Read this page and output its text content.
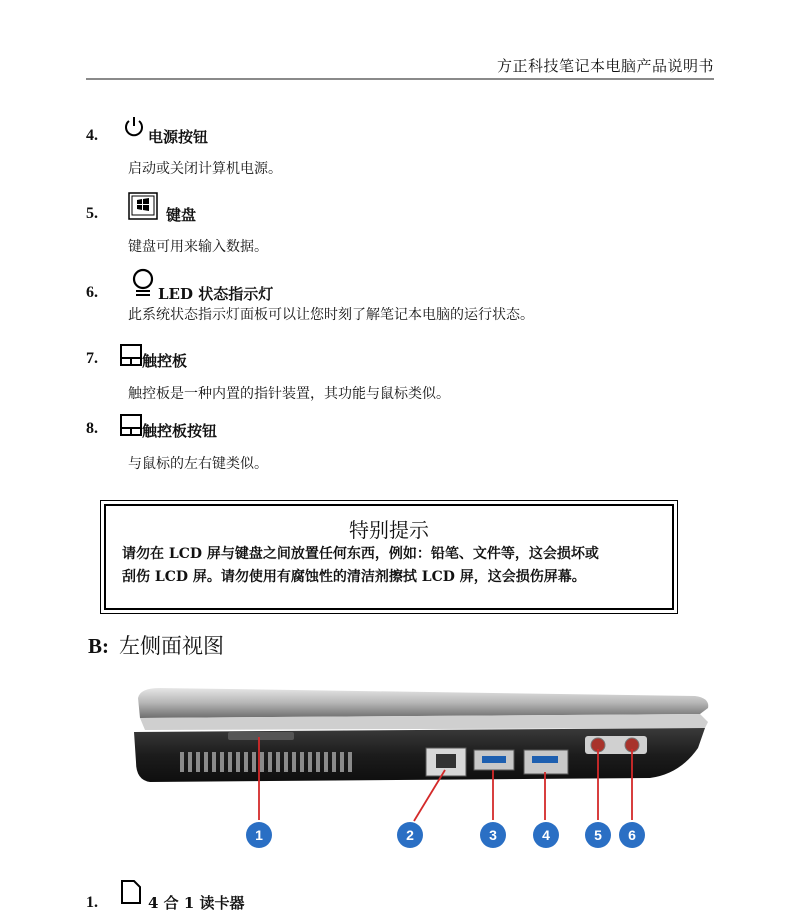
方正科技笔记本电脑产品说明书
4.	电源按钮
启动或关闭计算机电源。
5.	键盘
键盘可用来输入数据。
6.	LED 状态指示灯
此系统状态指示灯面板可以让您时刻了解笔记本电脑的运行状态。
7.	触控板
触控板是一种内置的指针装置，其功能与鼠标类似。
8.	触控板按钮
与鼠标的左右键类似。
特别提示
请勿在 LCD 屏与键盘之间放置任何东西，例如：铅笔、文件等，这会损坏或
刮伤 LCD 屏。请勿使用有腐蚀性的清洁剂擦拭 LCD 屏，这会损伤屏幕。
B: 左侧面视图
1	2	3	4	5	6
1.	4 合 1 读卡器
